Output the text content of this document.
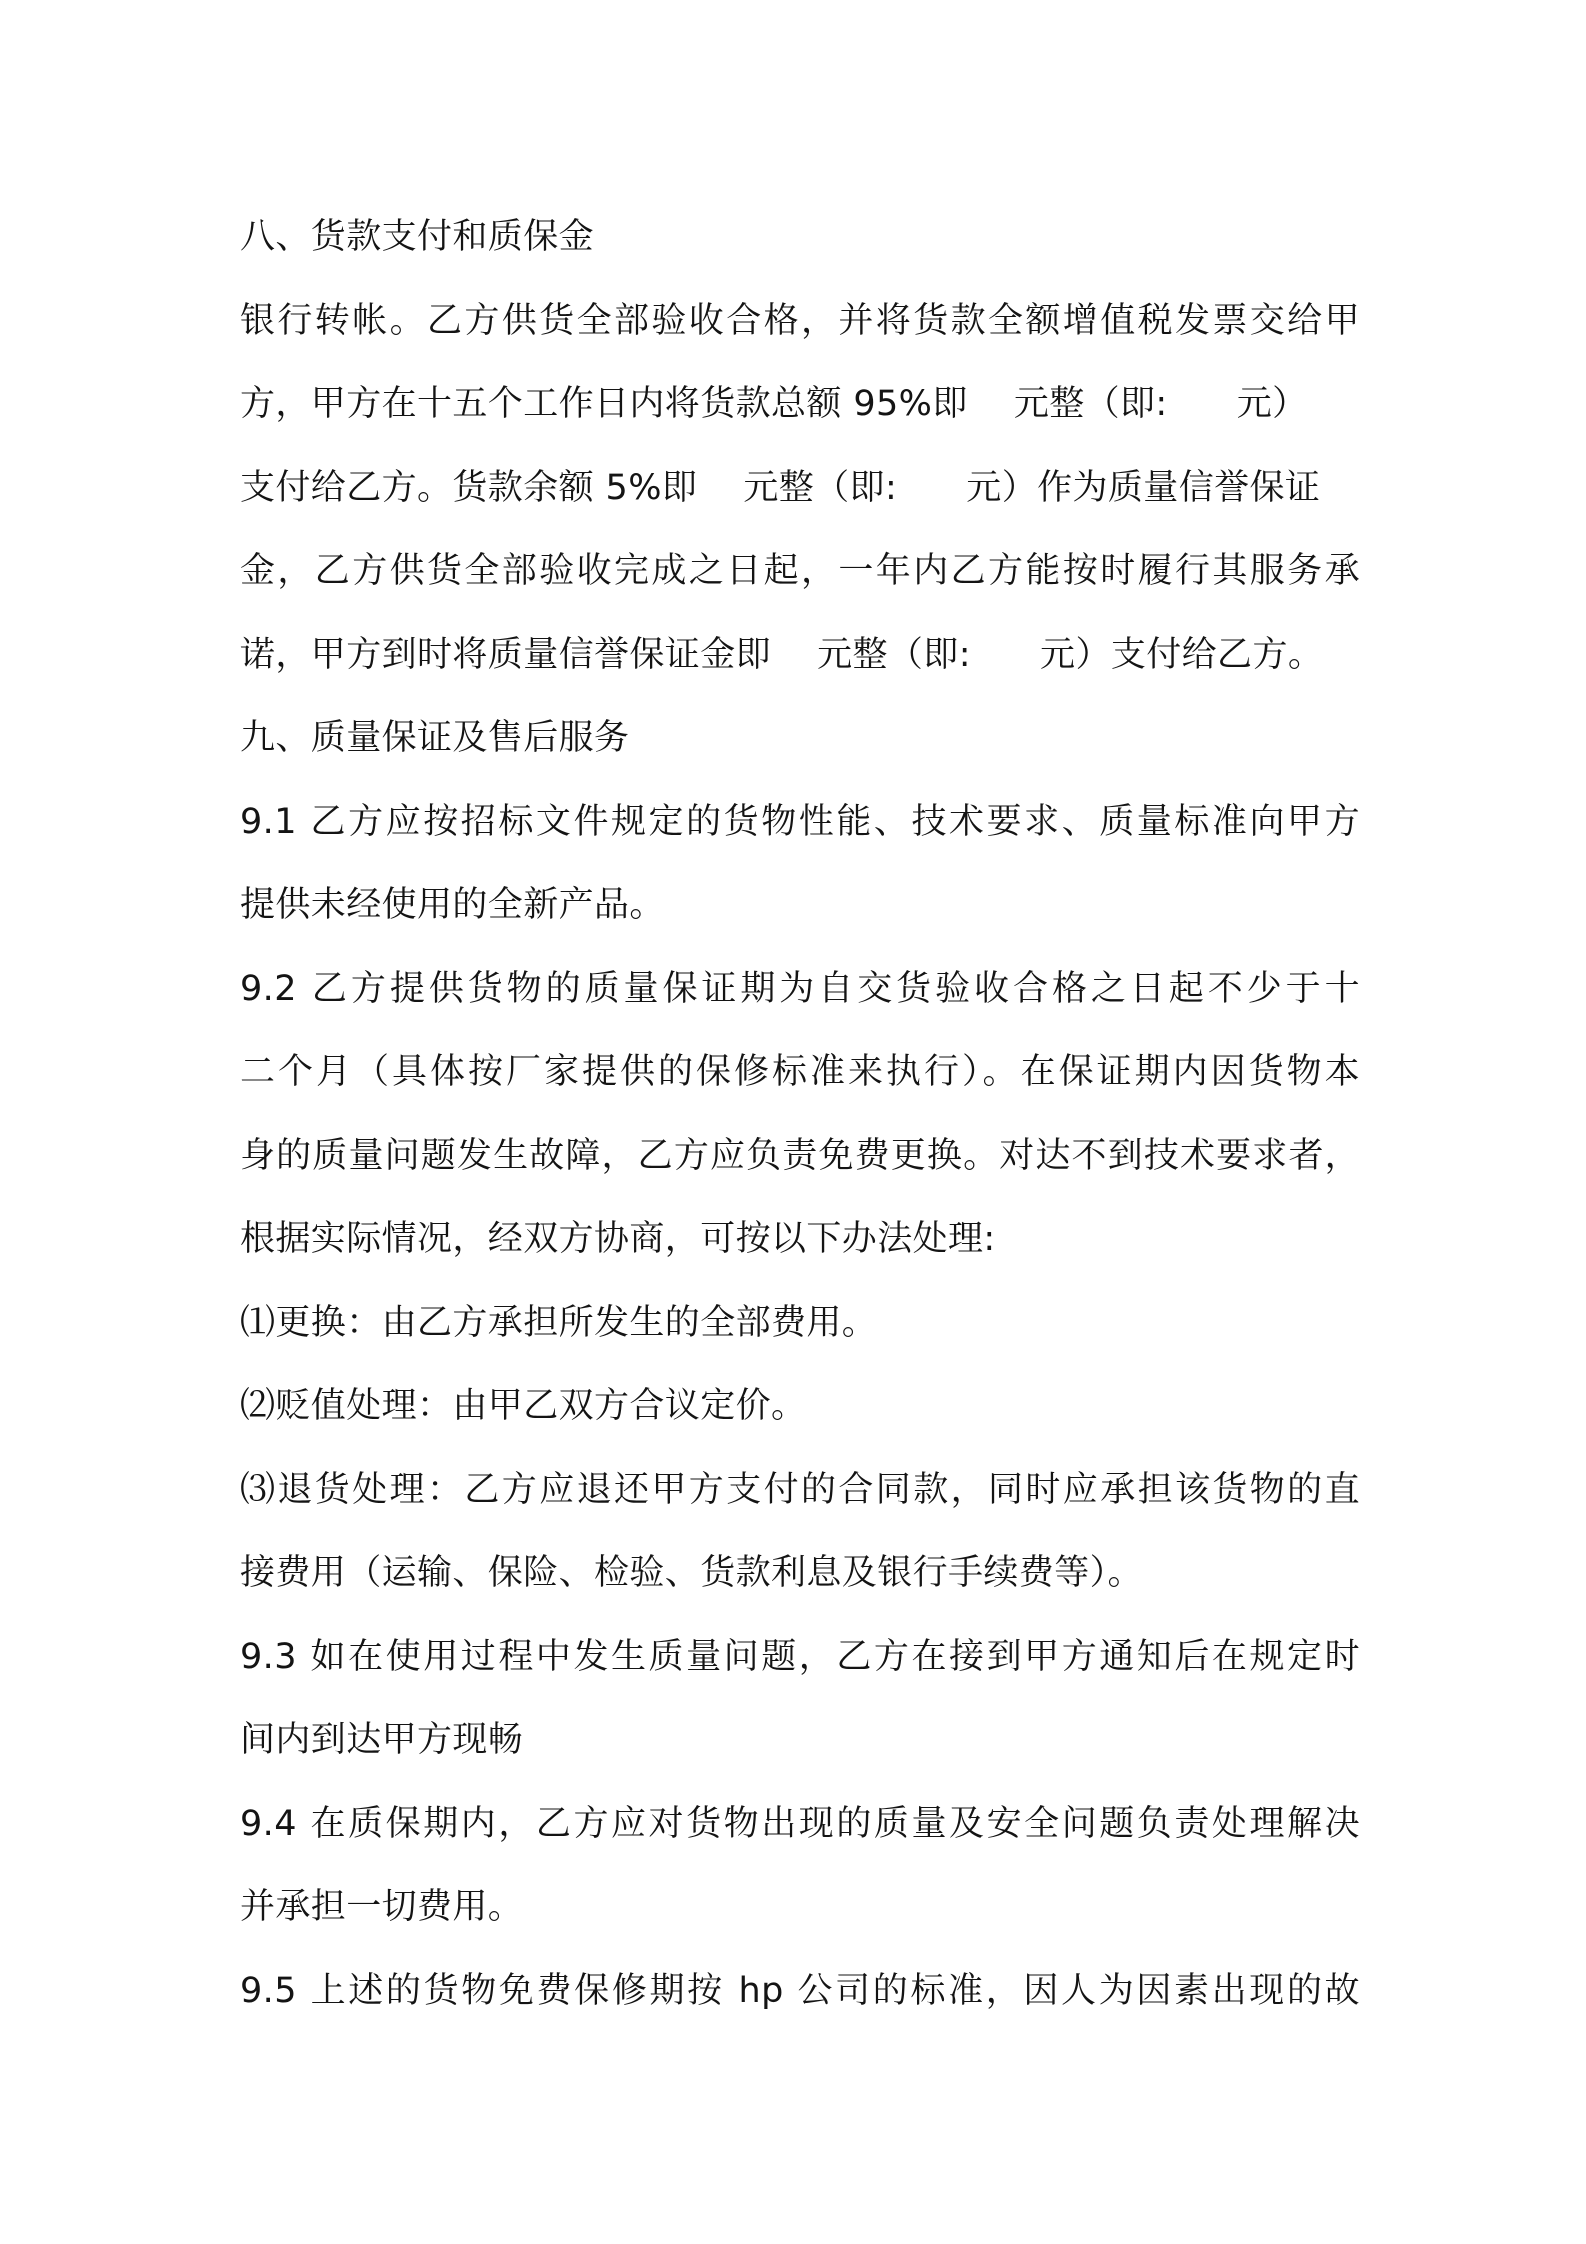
八、货款支付和质保金
银行转帐。乙方供货全部验收合格，并将货款全额增值税发票交给甲
方，甲方在十五个工作日内将货款总额 95%即    元整（即:      元）
支付给乙方。货款余额 5%即    元整（即:      元）作为质量信誉保证
金，乙方供货全部验收完成之日起，一年内乙方能按时履行其服务承
诺，甲方到时将质量信誉保证金即    元整（即:      元）支付给乙方。
九、质量保证及售后服务
9.1 乙方应按招标文件规定的货物性能、技术要求、质量标准向甲方
提供未经使用的全新产品。
9.2 乙方提供货物的质量保证期为自交货验收合格之日起不少于十
二个月（具体按厂家提供的保修标准来执行）。在保证期内因货物本
身的质量问题发生故障，乙方应负责免费更换。对达不到技术要求者，
根据实际情况，经双方协商，可按以下办法处理:
⑴更换：由乙方承担所发生的全部费用。
⑵贬值处理：由甲乙双方合议定价。
⑶退货处理：乙方应退还甲方支付的合同款，同时应承担该货物的直
接费用（运输、保险、检验、货款利息及银行手续费等）。
9.3 如在使用过程中发生质量问题，乙方在接到甲方通知后在规定时
间内到达甲方现畅
9.4 在质保期内，乙方应对货物出现的质量及安全问题负责处理解决
并承担一切费用。
9.5 上述的货物免费保修期按 hp 公司的标准，因人为因素出现的故
